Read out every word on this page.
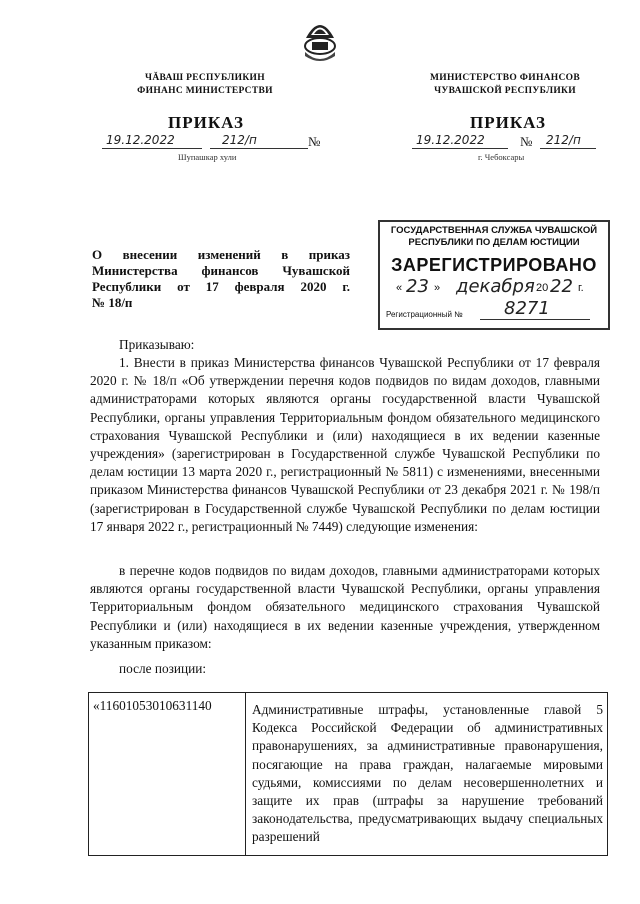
ЧĂВАШ РЕСПУБЛИКИН
ФИНАНС МИНИСТЕРСТВИ
МИНИСТЕРСТВО ФИНАНСОВ
ЧУВАШСКОЙ РЕСПУБЛИКИ
ПРИКАЗ	ПРИКАЗ
19.12.2022	212/п	№
Шупашкар хули
19.12.2022	№ 212/п
г. Чебоксары
О внесении изменений в приказ
Министерства финансов Чувашской
Республики от 17 февраля 2020 г.
№ 18/п
ГОСУДАРСТВЕННАЯ СЛУЖБА ЧУВАШСКОЙ
РЕСПУБЛИКИ ПО ДЕЛАМ ЮСТИЦИИ
ЗАРЕГИСТРИРОВАНО
« 23 » декабря 20 22 г.
Регистрационный № 8271
Приказываю:
1. Внести в приказ Министерства финансов Чувашской Республики от 17 февраля 2020 г. № 18/п «Об утверждении перечня кодов подвидов по видам доходов, главными администраторами которых являются органы государственной власти Чувашской Республики, органы управления Территориальным фондом обязательного медицинского страхования Чувашской Республики и (или) находящиеся в их ведении казенные учреждения» (зарегистрирован в Государственной службе Чувашской Республики по делам юстиции 13 марта 2020 г., регистрационный № 5811) с изменениями, внесенными приказом Министерства финансов Чувашской Республики от 23 декабря 2021 г. № 198/п (зарегистрирован в Государственной службе Чувашской Республики по делам юстиции 17 января 2022 г., регистрационный № 7449) следующие изменения:
в перечне кодов подвидов по видам доходов, главными администраторами которых являются органы государственной власти Чувашской Республики, органы управления Территориальным фондом обязательного медицинского страхования Чувашской Республики и (или) находящиеся в их ведении казенные учреждения, утвержденном указанным приказом:
после позиции:
«11601053010631140	Административные штрафы, установленные главой 5 Кодекса Российской Федерации об административных правонарушениях, за административные правонарушения, посягающие на права граждан, налагаемые мировыми судьями, комиссиями по делам несовершеннолетних и защите их прав (штрафы за нарушение требований законодательства, предусматривающих выдачу специальных разрешений
